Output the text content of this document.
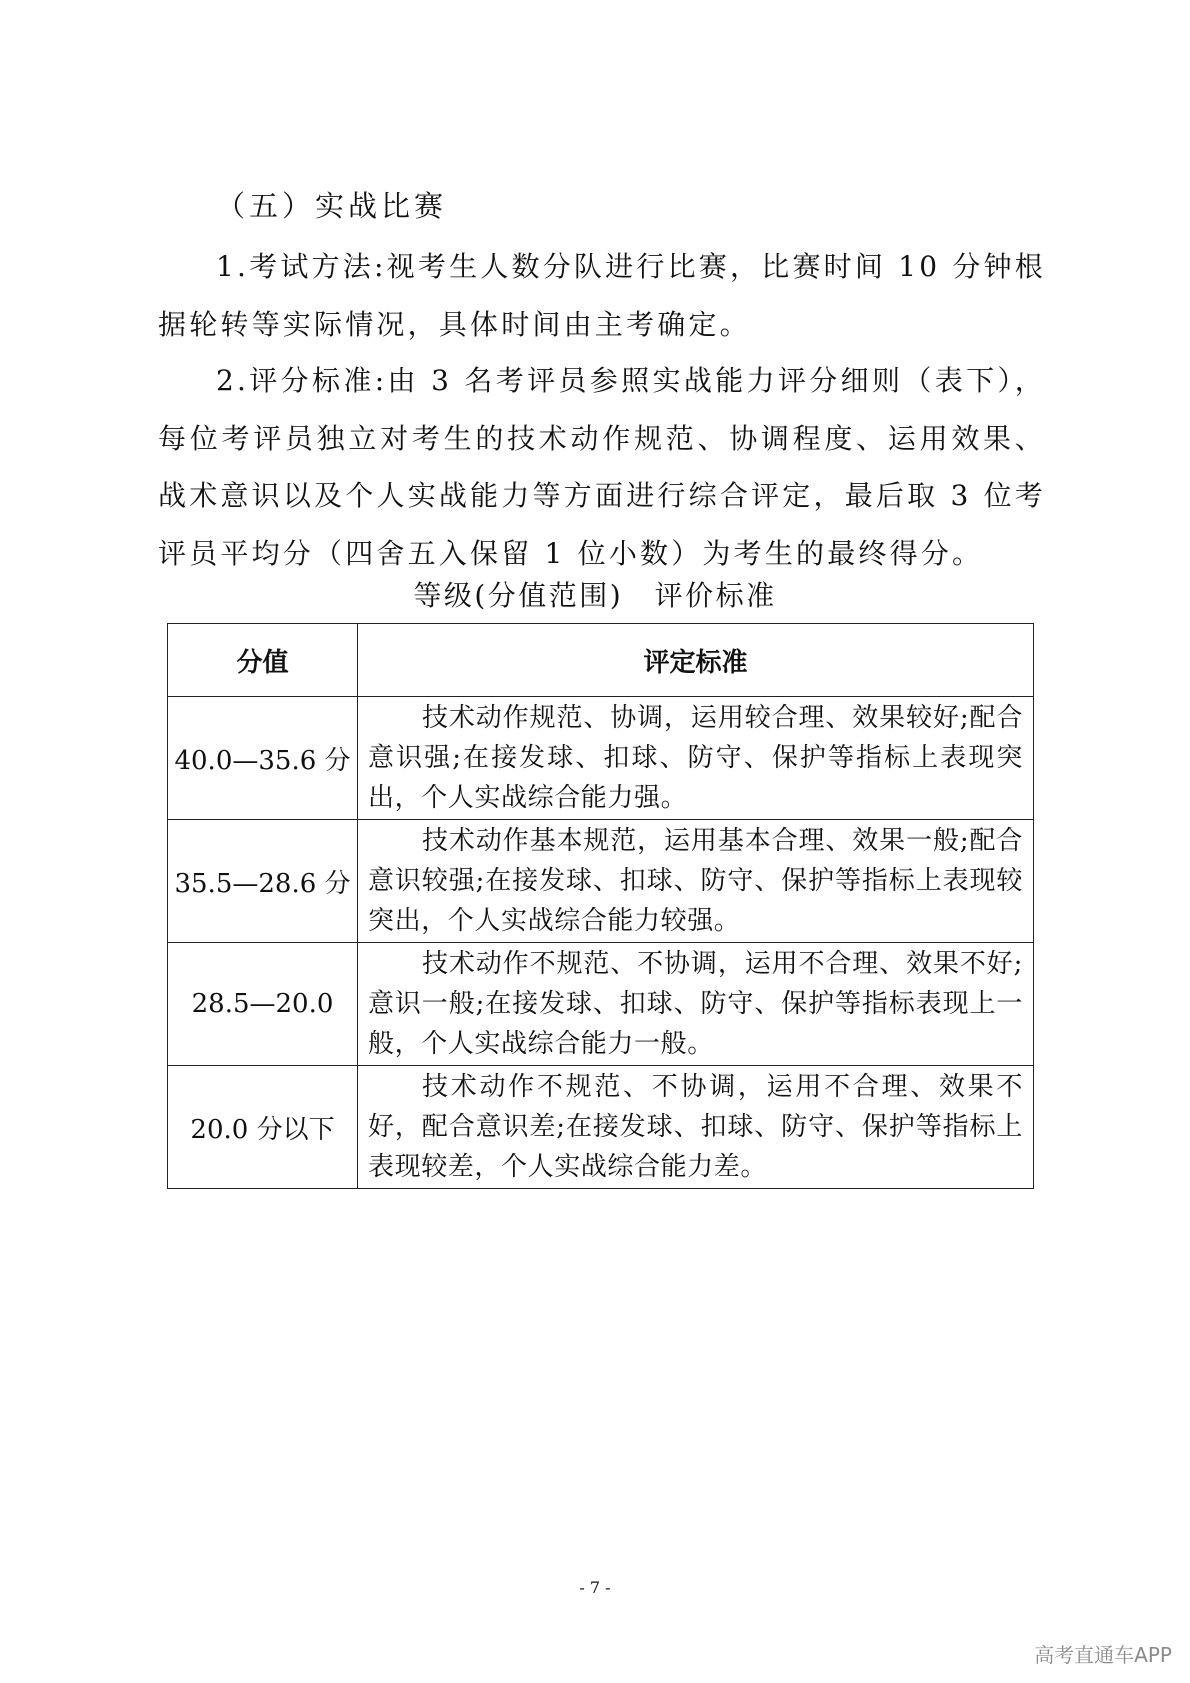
（五）实战比赛

1.考试方法:视考生人数分队进行比赛，比赛时间 10 分钟根据轮转等实际情况，具体时间由主考确定。

2.评分标准:由 3 名考评员参照实战能力评分细则（表下），每位考评员独立对考生的技术动作规范、协调程度、运用效果、战术意识以及个人实战能力等方面进行综合评定，最后取 3 位考评员平均分（四舍五入保留 1 位小数）为考生的最终得分。

等级(分值范围) 评价标准
分值	评定标准
40.0—35.6 分	技术动作规范、协调，运用较合理、效果较好;配合意识强;在接发球、扣球、防守、保护等指标上表现突出，个人实战综合能力强。
35.5—28.6 分	技术动作基本规范，运用基本合理、效果一般;配合意识较强;在接发球、扣球、防守、保护等指标上表现较突出，个人实战综合能力较强。
28.5—20.0	技术动作不规范、不协调，运用不合理、效果不好;意识一般;在接发球、扣球、防守、保护等指标表现上一般，个人实战综合能力一般。
20.0 分以下	技术动作不规范、不协调，运用不合理、效果不好，配合意识差;在接发球、扣球、防守、保护等指标上表现较差，个人实战综合能力差。
- 7 -
高考直通车APP
